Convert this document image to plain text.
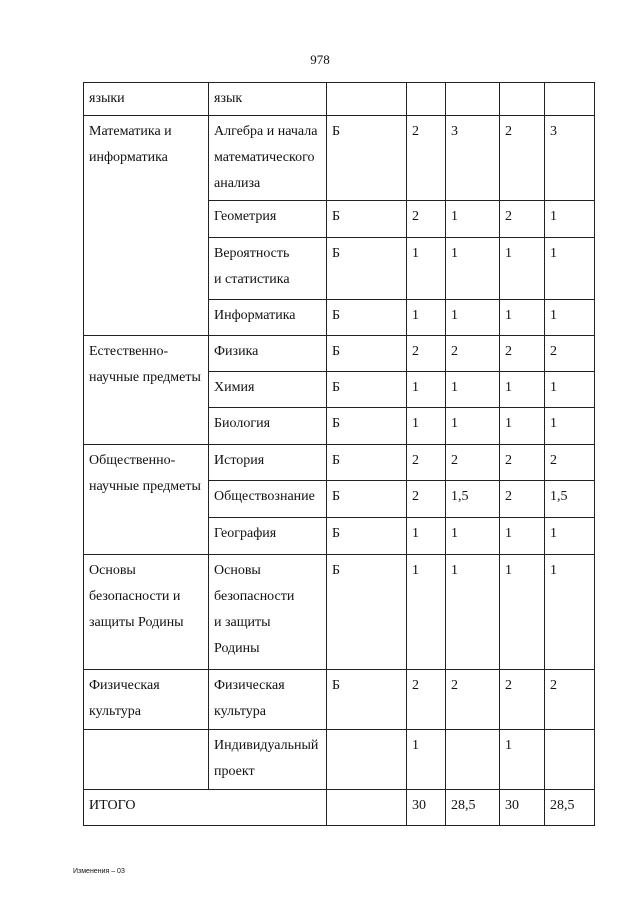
978
языки	язык					

Математика и
информатика	Алгебра и начала
математического
анализа	Б	2	3	2	3

	Геометрия	Б	2	1	2	1

	Вероятность
и статистика	Б	1	1	1	1

	Информатика	Б	1	1	1	1

Естественно-
научные предметы	Физика	Б	2	2	2	2

	Химия	Б	1	1	1	1

	Биология	Б	1	1	1	1

Общественно-
научные предметы	История	Б	2	2	2	2

	Обществознание	Б	2	1,5	2	1,5

	География	Б	1	1	1	1

Основы
безопасности и
защиты Родины	Основы
безопасности
и защиты
Родины	Б	1	1	1	1

Физическая
культура	Физическая
культура	Б	2	2	2	2

	Индивидуальный
проект		1		1	
ИТОГО			30	28,5	30	28,5
Изменения – 03
